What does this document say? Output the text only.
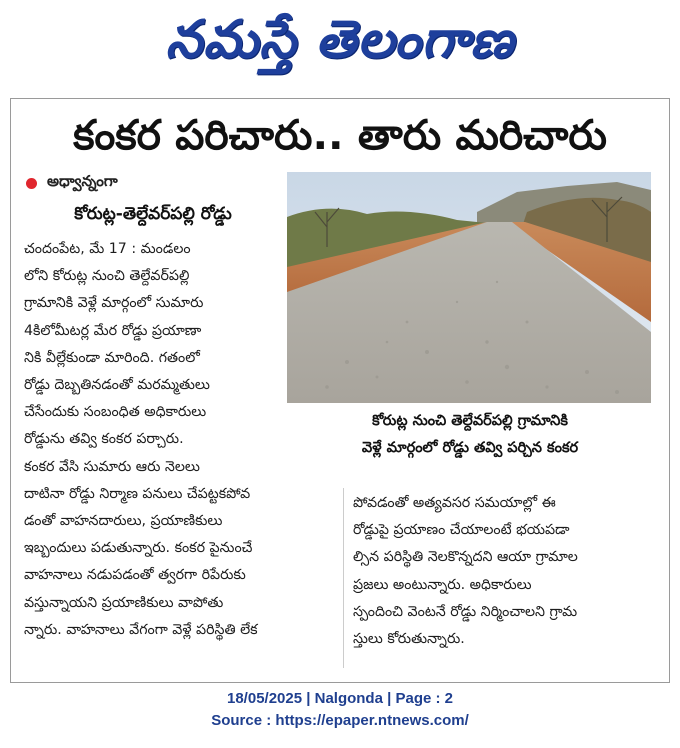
నమస్తే తెలంగాణ
కంకర పరిచారు.. తారు మరిచారు
అధ్వాన్నంగా
కోరుట్ల-తెల్దేవర్‌పల్లి రోడ్డు
చందంపేట, మే 17 : మండలం
లోని కోరుట్ల నుంచి తెల్దేవర్‌పల్లి
గ్రామానికి వెళ్లే మార్గంలో సుమారు
4కిలోమీటర్ల మేర రోడ్డు ప్రయాణా
నికి వీల్లేకుండా మారింది. గతంలో
రోడ్డు దెబ్బతినడంతో మరమ్మతులు
చేసేందుకు సంబంధిత అధికారులు
రోడ్డును తవ్వి కంకర పర్చారు.
కంకర వేసి సుమారు ఆరు నెలలు
దాటినా రోడ్డు నిర్మాణ పనులు చేపట్టకపోవ
డంతో వాహనదారులు, ప్రయాణికులు
ఇబ్బందులు పడుతున్నారు. కంకర పైనుంచే
వాహనాలు నడుపడంతో త్వరగా రిపేరుకు
వస్తున్నాయని ప్రయాణికులు వాపోతు
న్నారు. వాహనాలు వేగంగా వెళ్లే పరిస్థితి లేక
కోరుట్ల నుంచి తెల్దేవర్‌పల్లి గ్రామానికి
వెళ్లే మార్గంలో రోడ్డు తవ్వి పర్చిన కంకర
పోవడంతో అత్యవసర సమయాల్లో ఈ
రోడ్డుపై ప్రయాణం చేయాలంటే భయపడా
ల్సిన పరిస్థితి నెలకొన్నదని ఆయా గ్రామాల
ప్రజలు అంటున్నారు. అధికారులు
స్పందించి వెంటనే రోడ్డు నిర్మించాలని గ్రామ
స్తులు కోరుతున్నారు.
18/05/2025 | Nalgonda | Page : 2
Source : https://epaper.ntnews.com/
